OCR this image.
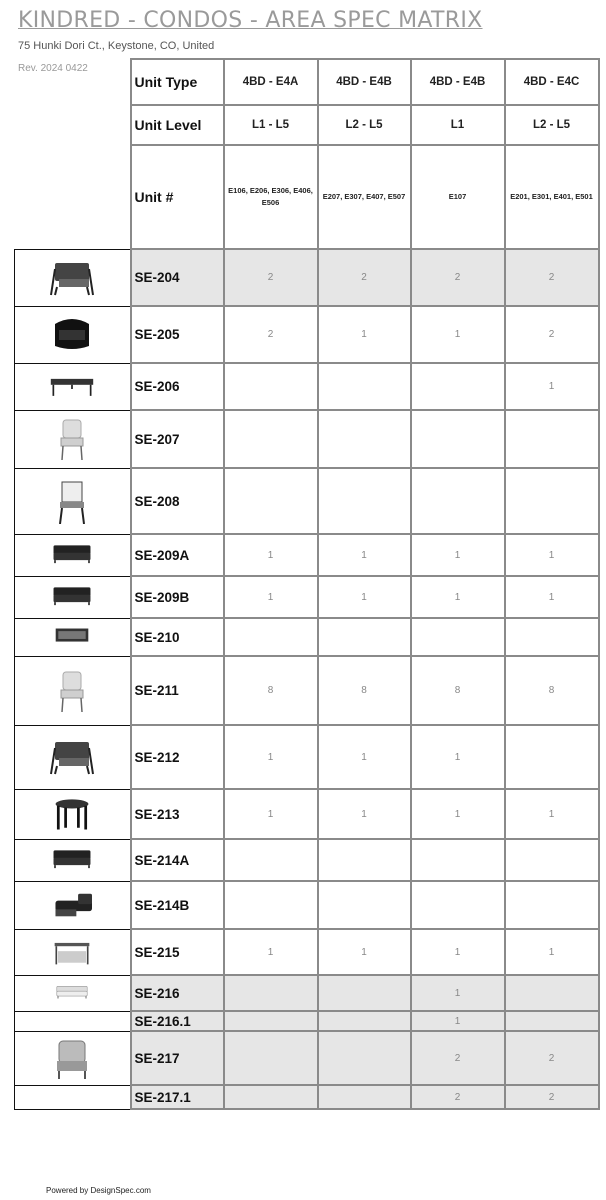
KINDRED - CONDOS - AREA SPEC MATRIX
75 Hunki Dori Ct., Keystone, CO, United
Rev. 2024 0422
	Unit Type	4BD - E4A	4BD - E4B	4BD - E4B	4BD - E4C
	Unit Level	L1 - L5	L2 - L5	L1	L2 - L5
	Unit #	E106, E206, E306, E406, E506	E207, E307, E407, E507	E107	E201, E301, E401, E501

	SE-204	2	2	2	2

	SE-205	2	1	1	2

	SE-206				1

	SE-207				

	SE-208				

	SE-209A	1	1	1	1

	SE-209B	1	1	1	1

	SE-210				

	SE-211	8	8	8	8

	SE-212	1	1	1	

	SE-213	1	1	1	1

	SE-214A				

	SE-214B				

	SE-215	1	1	1	1

	SE-216			1	
	SE-216.1			1	

	SE-217			2	2
	SE-217.1			2	2
Powered by DesignSpec.com
